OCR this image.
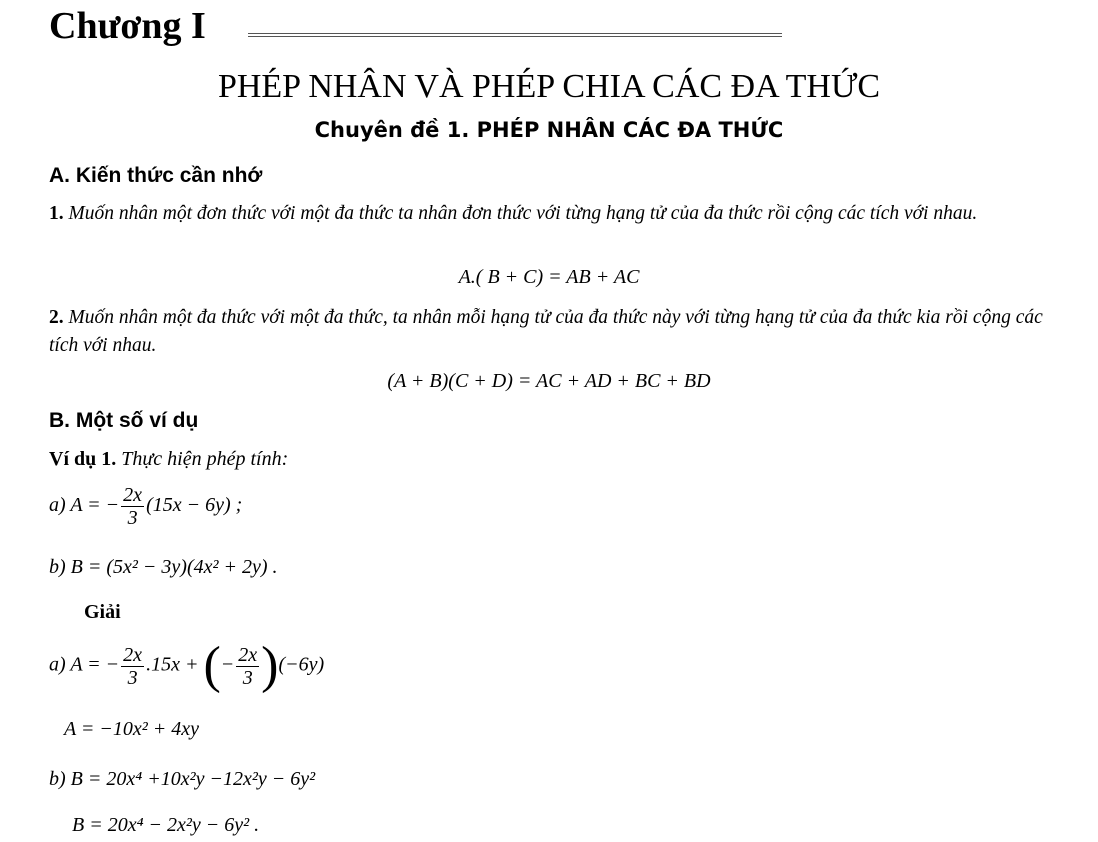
Chương I
PHÉP NHÂN VÀ PHÉP CHIA CÁC ĐA THỨC
Chuyên đề 1. PHÉP NHÂN CÁC ĐA THỨC
A. Kiến thức cần nhớ
1. Muốn nhân một đơn thức với một đa thức ta nhân đơn thức với từng hạng tử của đa thức rồi cộng các tích với nhau.
A.( B + C) = AB + AC
2. Muốn nhân một đa thức với một đa thức, ta nhân mỗi hạng tử của đa thức này với từng hạng tử của đa thức kia rồi cộng các tích với nhau.
(A + B)(C + D) = AC + AD + BC + BD
B. Một số ví dụ
Ví dụ 1. Thực hiện phép tính:
a) A = − $\frac{2x}{3} (15x - 6y)$ ;
b) B = (5x² − 3y)(4x² + 2y) .
Giải
a) A = − $\frac{2x}{3} .15x$ + (− $\frac{2x}{3} )(-6y)$
A = −10x² + 4xy
b) B = 20x⁴ +10x²y −12x²y − 6y²
B = 20x⁴ − 2x²y − 6y² .
